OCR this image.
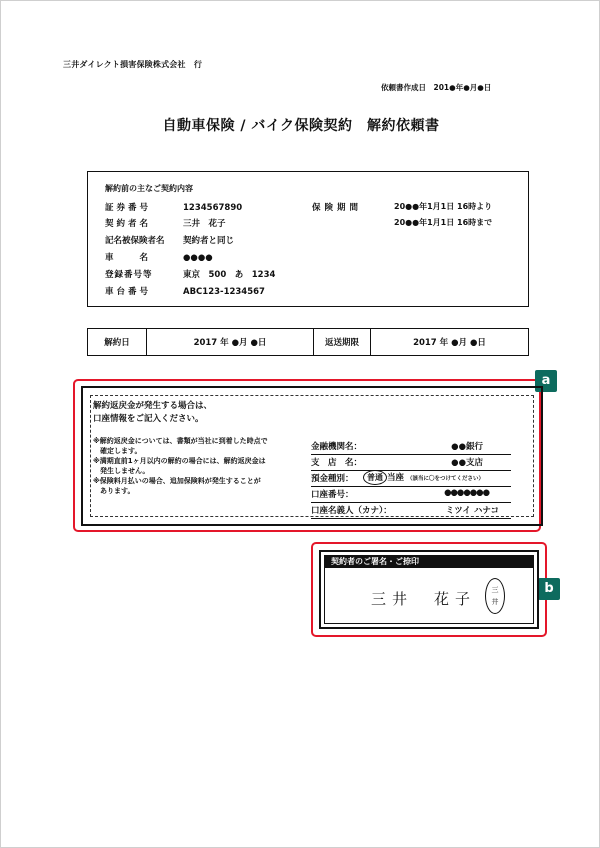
三井ダイレクト損害保険株式会社　行
依頼書作成日　201●年●月●日
自動車保険 / バイク保険契約　解約依頼書
解約前の主なご契約内容
証券番号	1234567890
契約者名	三井　花子
記名被保険者名 契約者と同じ
車　　名	●●●●
登録番号等	東京　500　あ　1234
車台番号	ABC123-1234567
保険期間	20●●年1月1日 16時より
20●●年1月1日 16時まで
解約日	2017 年 ●月 ●日	返送期限	2017 年 ●月 ●日
a
解約返戻金が発生する場合は、
口座情報をご記入ください。
※解約返戻金については、書類が当社に到着した時点で
　確定します。
※満期直前1ヶ月以内の解約の場合には、解約返戻金は
　発生しません。
※保険料月払いの場合、追加保険料が発生することが
　あります。
金融機関名：	●●銀行
支　店　名：	●●支店
預金種別：	普通 当座 （該当に〇をつけてください）
口座番号：	●●●●●●●
口座名義人（カナ）：	ミツイ ハナコ
b
契約者のご署名・ご捺印
三井　花子	三
井
